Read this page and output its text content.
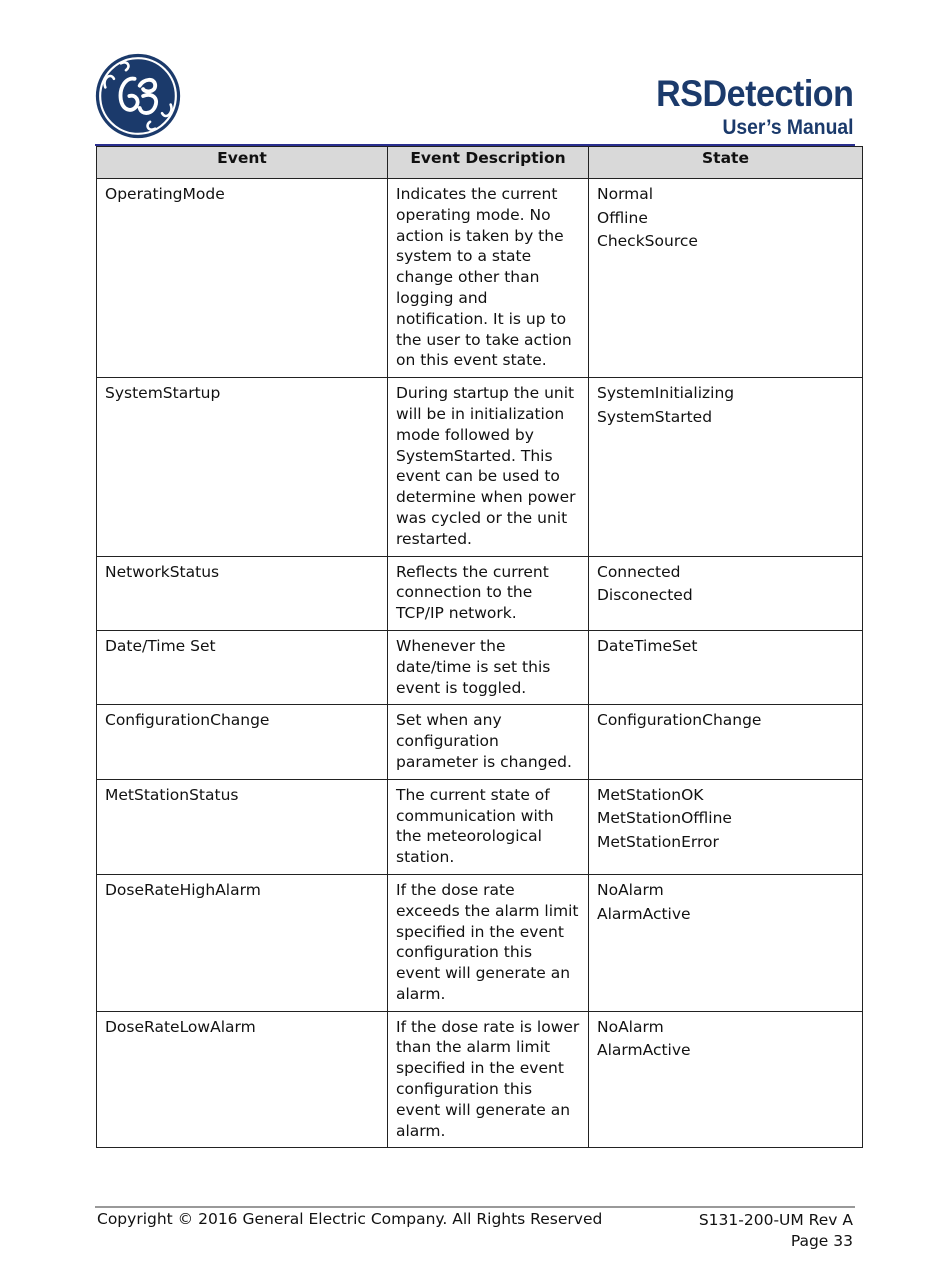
RSDetection
User’s Manual
Event	Event Description	State
OperatingMode	Indicates the current operating mode. No action is taken by the system to a state change other than logging and notification. It is up to the user to take action on this event state.	Normal
Offline
CheckSource

SystemStartup	During startup the unit will be in initialization mode followed by SystemStarted. This event can be used to determine when power was cycled or the unit restarted.	SystemInitializing
SystemStarted

NetworkStatus	Reflects the current connection to the TCP/IP network.	Connected
Disconected

Date/Time Set	Whenever the date/time is set this event is toggled.	DateTimeSet

ConfigurationChange	Set when any configuration parameter is changed.	ConfigurationChange

MetStationStatus	The current state of communication with the meteorological station.	MetStationOK
MetStationOffline
MetStationError

DoseRateHighAlarm	If the dose rate exceeds the alarm limit specified in the event configuration this event will generate an alarm.	NoAlarm
AlarmActive

DoseRateLowAlarm	If the dose rate is lower than the alarm limit specified in the event configuration this event will generate an alarm.	NoAlarm
AlarmActive
Copyright © 2016 General Electric Company. All Rights Reserved	S131-200-UM Rev A
Page 33
